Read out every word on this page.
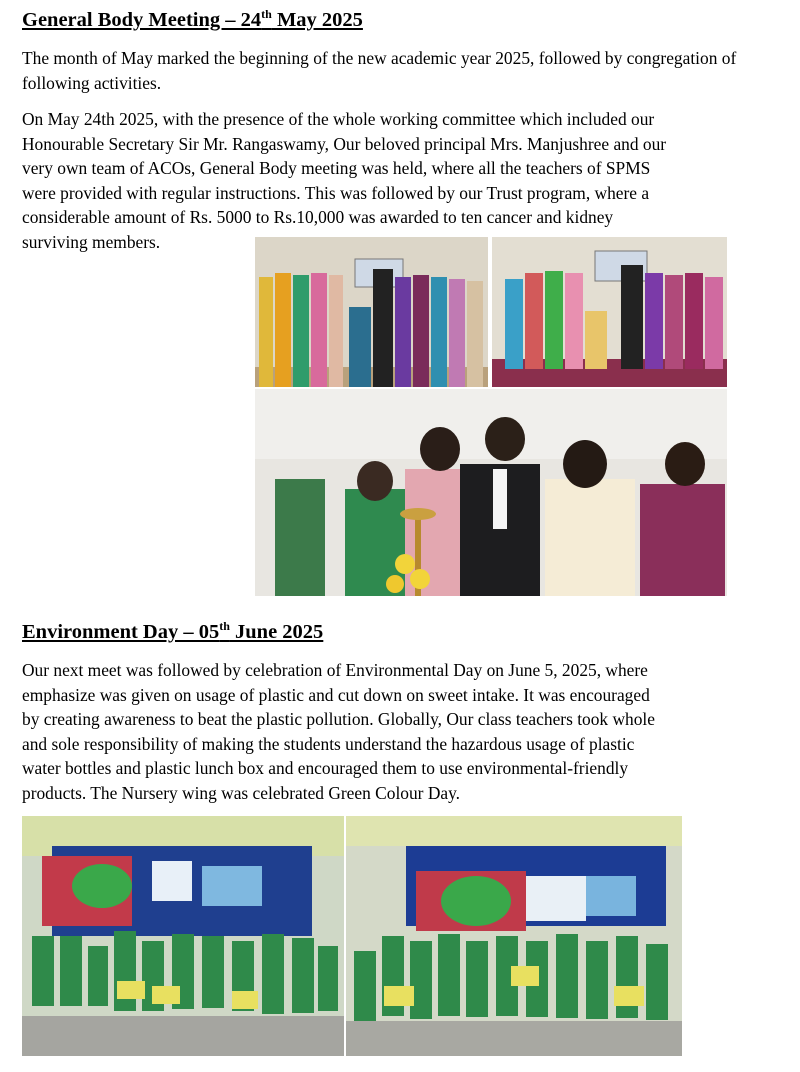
General Body Meeting – 24th May 2025

The month of May marked the beginning of the new academic year 2025, followed by congregation of following activities.

On May 24th 2025, with the presence of the whole working committee which included our
Honourable Secretary Sir Mr. Rangaswamy, Our beloved principal Mrs. Manjushree and our
very own team of ACOs, General Body meeting was held, where all the teachers of SPMS
were provided with regular instructions. This was followed by our Trust program, where a
considerable amount of Rs. 5000 to Rs.10,000 was awarded to ten cancer and kidney
surviving members.
Environment Day – 05th June 2025
Our next meet was followed by celebration of Environmental Day on June 5, 2025, where
emphasize was given on usage of plastic and cut down on sweet intake. It was encouraged
by creating awareness to beat the plastic pollution. Globally, Our class teachers took whole
and sole responsibility of making the students understand the hazardous usage of plastic
water bottles and plastic lunch box and encouraged them to use environmental-friendly
products. The Nursery wing was celebrated Green Colour Day.
